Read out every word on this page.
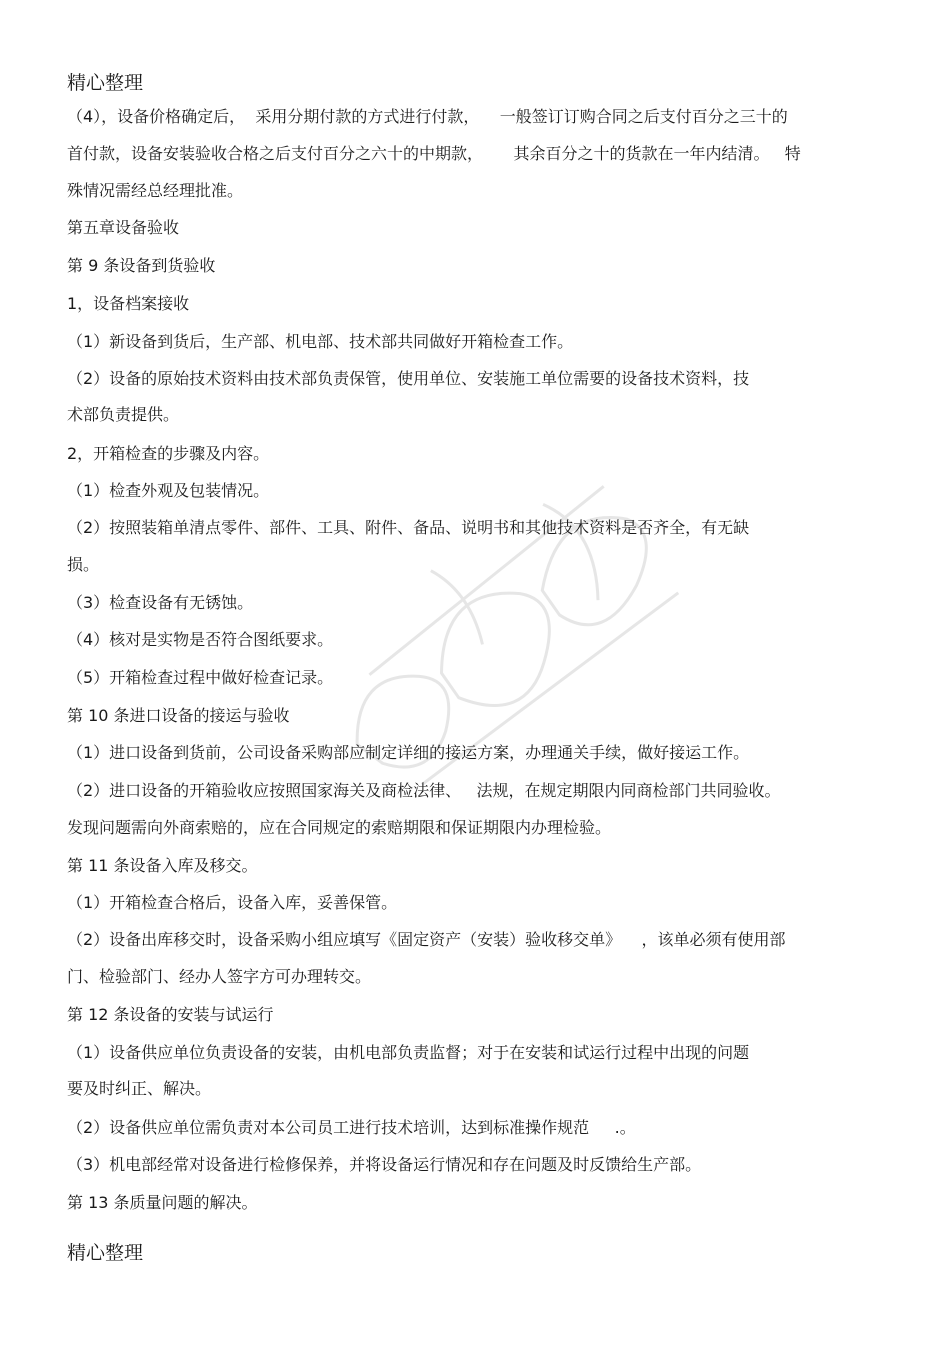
精心整理
（4），设备价格确定后，  采用分期付款的方式进行付款，    一般签订订购合同之后支付百分之三十的
首付款，设备安装验收合格之后支付百分之六十的中期款，      其余百分之十的货款在一年内结清。   特
殊情况需经总经理批准。
第五章设备验收
第 9 条设备到货验收
1，设备档案接收
（1）新设备到货后，生产部、机电部、技术部共同做好开箱检查工作。
（2）设备的原始技术资料由技术部负责保管，使用单位、安装施工单位需要的设备技术资料，技
术部负责提供。
2，开箱检查的步骤及内容。
（1）检查外观及包装情况。
（2）按照装箱单清点零件、部件、工具、附件、备品、说明书和其他技术资料是否齐全，有无缺
损。
（3）检查设备有无锈蚀。
（4）核对是实物是否符合图纸要求。
（5）开箱检查过程中做好检查记录。
第 10 条进口设备的接运与验收
（1）进口设备到货前，公司设备采购部应制定详细的接运方案，办理通关手续，做好接运工作。
（2）进口设备的开箱验收应按照国家海关及商检法律、   法规，在规定期限内同商检部门共同验收。
发现问题需向外商索赔的，应在合同规定的索赔期限和保证期限内办理检验。
第 11 条设备入库及移交。
（1）开箱检查合格后，设备入库，妥善保管。
（2）设备出库移交时，设备采购小组应填写《固定资产（安装）验收移交单》    ，该单必须有使用部
门、检验部门、经办人签字方可办理转交。
第 12 条设备的安装与试运行
（1）设备供应单位负责设备的安装，由机电部负责监督；对于在安装和试运行过程中出现的问题
要及时纠正、解决。
（2）设备供应单位需负责对本公司员工进行技术培训，达到标准操作规范     .。
（3）机电部经常对设备进行检修保养，并将设备运行情况和存在问题及时反馈给生产部。
第 13 条质量问题的解决。
精心整理
